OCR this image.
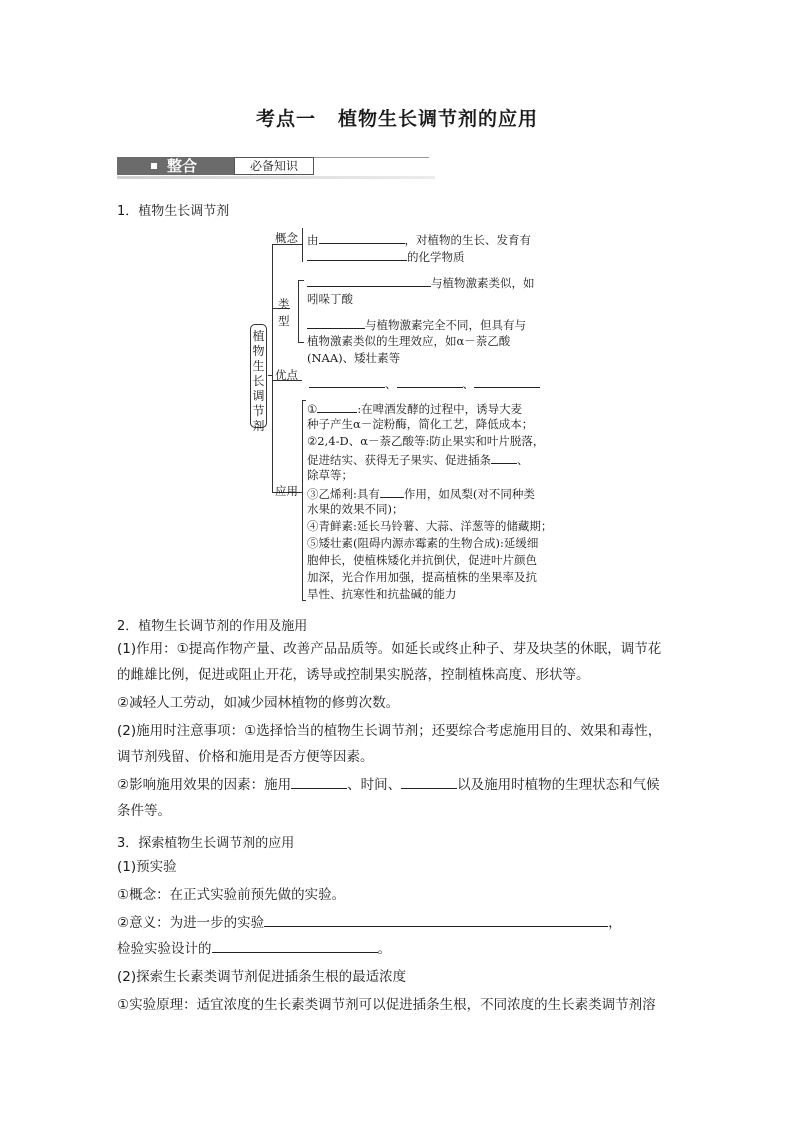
考点一 植物生长调节剂的应用
整合	必备知识
1．植物生长调节剂
植
物
生
长
调
节
剂
概念 由	，对植物的生长、发育有
的化学物质
类
型
与植物激素类似，如
吲哚丁酸
与植物激素完全不同，但具有与
植物激素类似的生理效应，如α－萘乙酸
(NAA)、矮壮素等
优点
、	、
应用
①	:在啤酒发酵的过程中，诱导大麦
种子产生α－淀粉酶，简化工艺，降低成本；
②2,4-D、α－萘乙酸等:防止果实和叶片脱落，
促进结实、获得无子果实、促进插条 、
除草等；
③乙烯利:具有 作用，如凤梨(对不同种类
水果的效果不同)；
④青鲜素:延长马铃薯、大蒜、洋葱等的储藏期；
⑤矮壮素(阻碍内源赤霉素的生物合成):延缓细
胞伸长，使植株矮化并抗倒伏，促进叶片颜色
加深，光合作用加强，提高植株的坐果率及抗
旱性、抗寒性和抗盐碱的能力
2．植物生长调节剂的作用及施用
(1)作用：①提高作物产量、改善产品品质等。如延长或终止种子、芽及块茎的休眠，调节花
的雌雄比例，促进或阻止开花，诱导或控制果实脱落，控制植株高度、形状等。
②减轻人工劳动，如减少园林植物的修剪次数。
(2)施用时注意事项：①选择恰当的植物生长调节剂；还要综合考虑施用目的、效果和毒性，
调节剂残留、价格和施用是否方便等因素。
②影响施用效果的因素：施用	、时间、	以及施用时植物的生理状态和气候
条件等。
3．探索植物生长调节剂的应用
(1)预实验
①概念：在正式实验前预先做的实验。
②意义：为进一步的实验	，
检验实验设计的	。
(2)探索生长素类调节剂促进插条生根的最适浓度
①实验原理：适宜浓度的生长素类调节剂可以促进插条生根，不同浓度的生长素类调节剂溶
